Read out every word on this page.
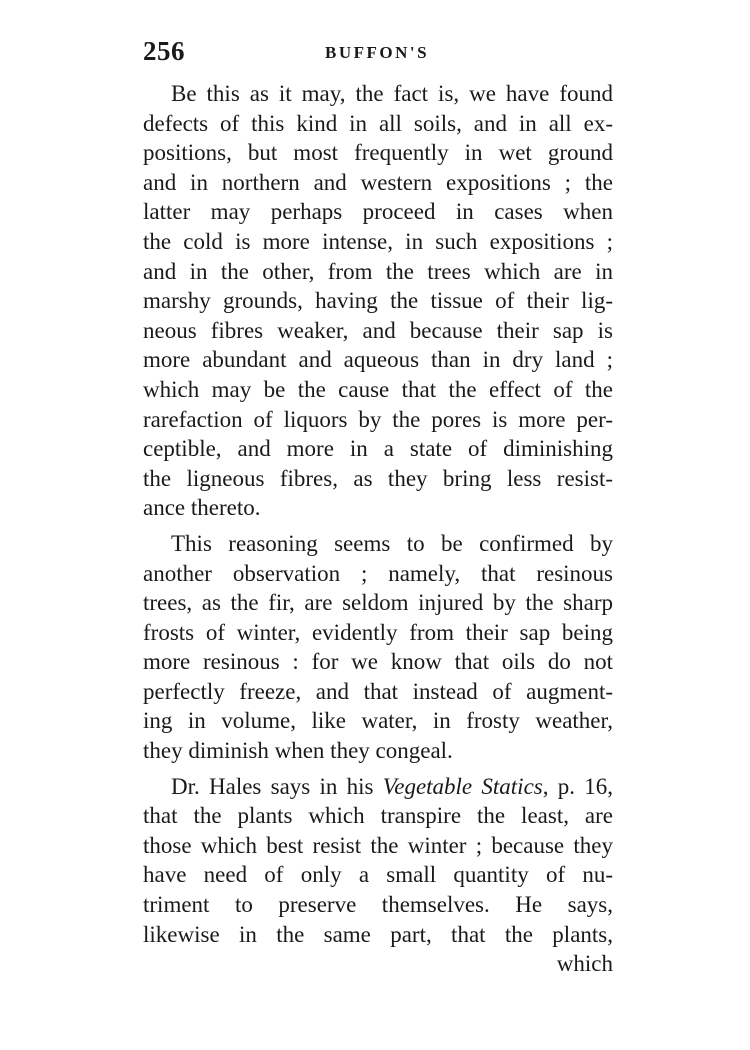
256	BUFFON'S
Be this as it may, the fact is, we have found
defects of this kind in all soils, and in all ex-
positions, but most frequently in wet ground
and in northern and western expositions ; the
latter may perhaps proceed in cases when
the cold is more intense, in such expositions ;
and in the other, from the trees which are in
marshy grounds, having the tissue of their lig-
neous fibres weaker, and because their sap is
more abundant and aqueous than in dry land ;
which may be the cause that the effect of the
rarefaction of liquors by the pores is more per-
ceptible, and more in a state of diminishing
the ligneous fibres, as they bring less resist-
ance thereto.
This reasoning seems to be confirmed by
another observation ; namely, that resinous
trees, as the fir, are seldom injured by the sharp
frosts of winter, evidently from their sap being
more resinous : for we know that oils do not
perfectly freeze, and that instead of augment-
ing in volume, like water, in frosty weather,
they diminish when they congeal.
Dr. Hales says in his Vegetable Statics, p. 16,
that the plants which transpire the least, are
those which best resist the winter ; because they
have need of only a small quantity of nu-
triment to preserve themselves. He says,
likewise in the same part, that the plants,
which
